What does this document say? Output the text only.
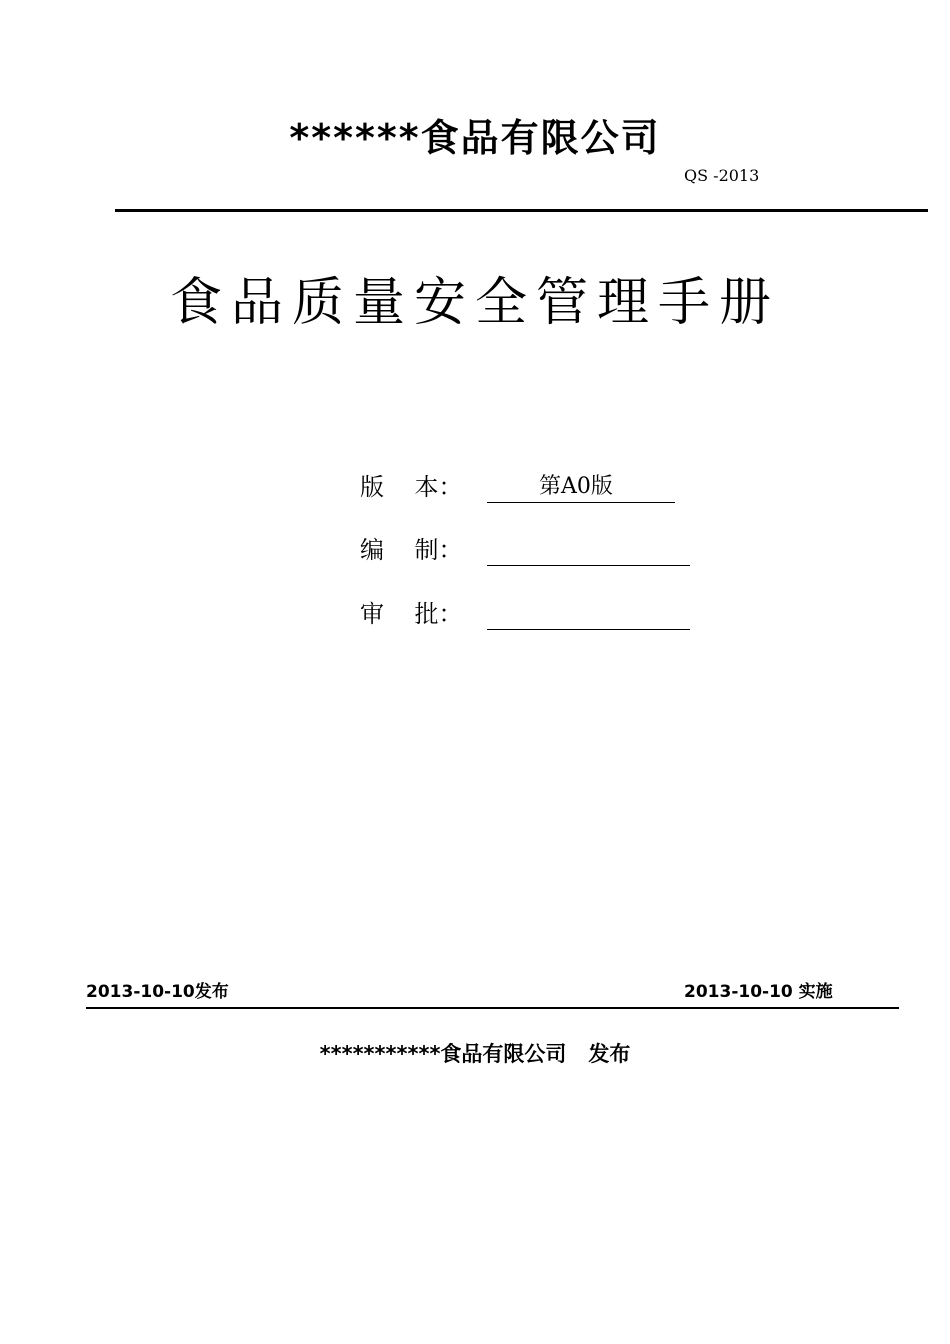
******食品有限公司
QS -2013
食品质量安全管理手册
版    本：	第A0版
编    制：
审    批：
2013-10-10发布	2013-10-10 实施
***********食品有限公司   发布
